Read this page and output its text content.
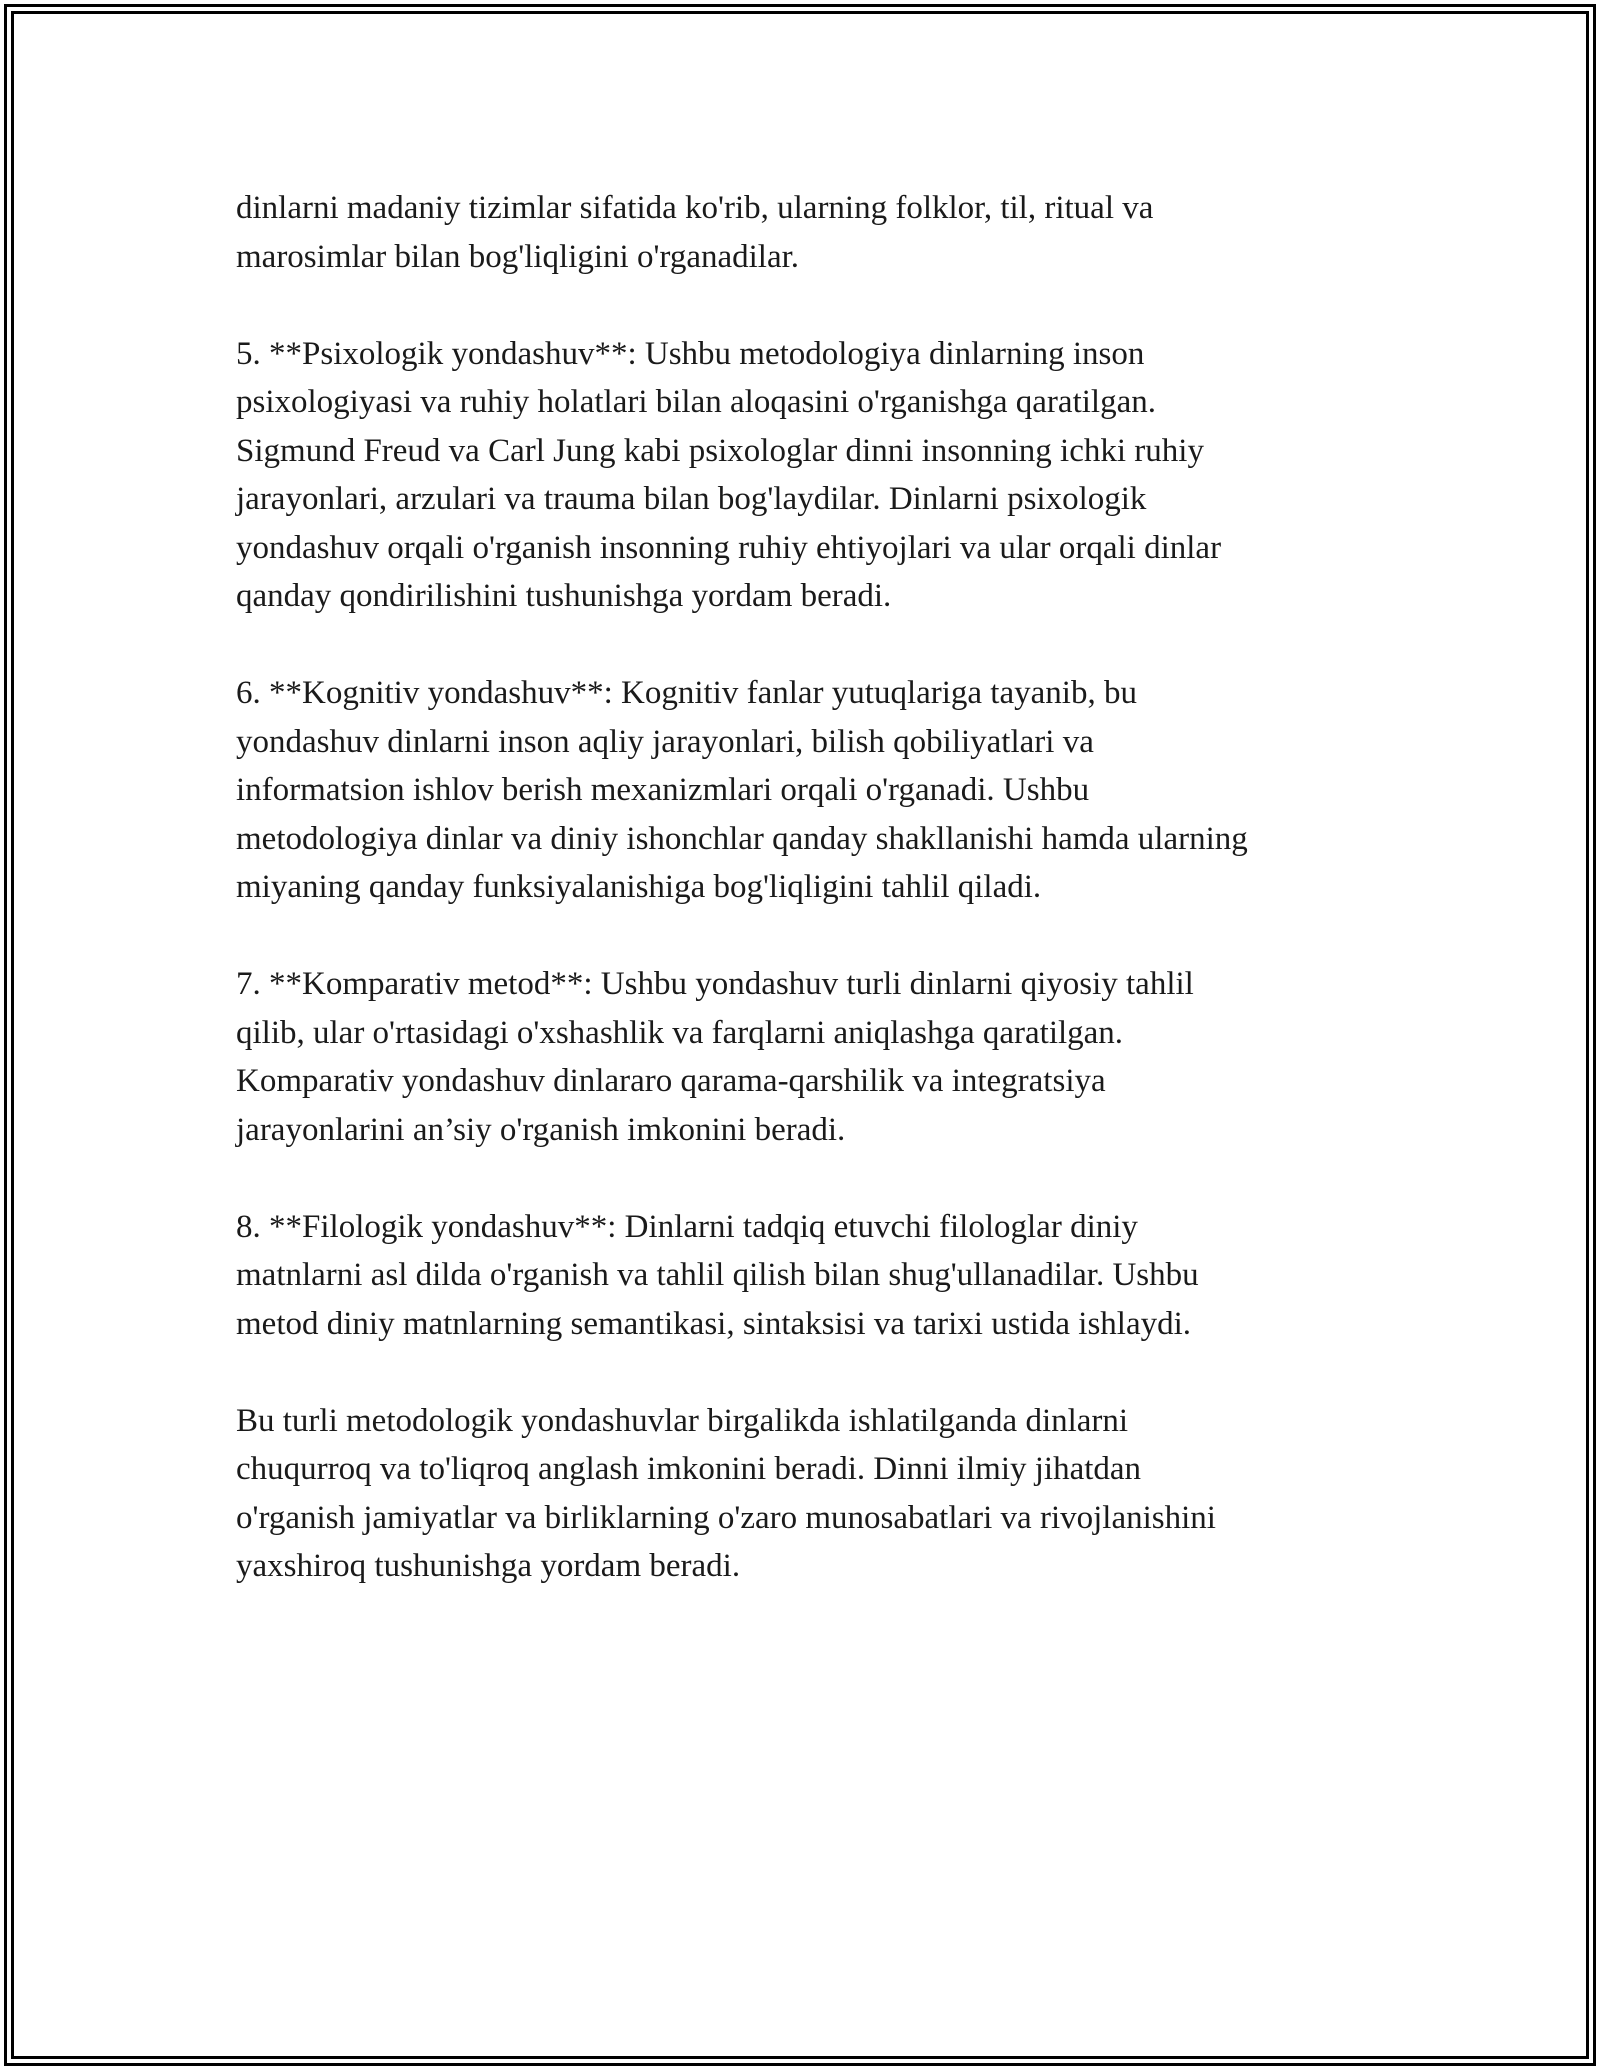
dinlarni madaniy tizimlar sifatida ko'rib, ularning folklor, til, ritual va
marosimlar bilan bog'liqligini o'rganadilar.

5. **Psixologik yondashuv**: Ushbu metodologiya dinlarning inson
psixologiyasi va ruhiy holatlari bilan aloqasini o'rganishga qaratilgan.
Sigmund Freud va Carl Jung kabi psixologlar dinni insonning ichki ruhiy
jarayonlari, arzulari va trauma bilan bog'laydilar. Dinlarni psixologik
yondashuv orqali o'rganish insonning ruhiy ehtiyojlari va ular orqali dinlar
qanday qondirilishini tushunishga yordam beradi.

6. **Kognitiv yondashuv**: Kognitiv fanlar yutuqlariga tayanib, bu
yondashuv dinlarni inson aqliy jarayonlari, bilish qobiliyatlari va
informatsion ishlov berish mexanizmlari orqali o'rganadi. Ushbu
metodologiya dinlar va diniy ishonchlar qanday shakllanishi hamda ularning
miyaning qanday funksiyalanishiga bog'liqligini tahlil qiladi.

7. **Komparativ metod**: Ushbu yondashuv turli dinlarni qiyosiy tahlil
qilib, ular o'rtasidagi o'xshashlik va farqlarni aniqlashga qaratilgan.
Komparativ yondashuv dinlararo qarama-qarshilik va integratsiya
jarayonlarini an’siy o'rganish imkonini beradi.

8. **Filologik yondashuv**: Dinlarni tadqiq etuvchi filologlar diniy
matnlarni asl dilda o'rganish va tahlil qilish bilan shug'ullanadilar. Ushbu
metod diniy matnlarning semantikasi, sintaksisi va tarixi ustida ishlaydi.

Bu turli metodologik yondashuvlar birgalikda ishlatilganda dinlarni
chuqurroq va to'liqroq anglash imkonini beradi. Dinni ilmiy jihatdan
o'rganish jamiyatlar va birliklarning o'zaro munosabatlari va rivojlanishini
yaxshiroq tushunishga yordam beradi.
